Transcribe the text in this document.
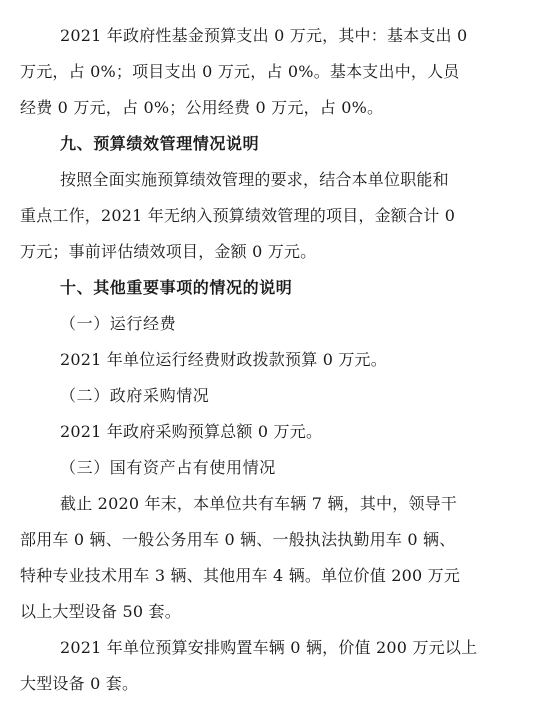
2021 年政府性基金预算支出 0 万元，其中：基本支出 0
万元，占 0%；项目支出 0 万元，占 0%。基本支出中，人员
经费 0 万元，占 0%；公用经费 0 万元，占 0%。
九、预算绩效管理情况说明
按照全面实施预算绩效管理的要求，结合本单位职能和
重点工作，2021 年无纳入预算绩效管理的项目，金额合计 0
万元；事前评估绩效项目，金额 0 万元。
十、其他重要事项的情况的说明
（一）运行经费
2021 年单位运行经费财政拨款预算 0 万元。
（二）政府采购情况
2021 年政府采购预算总额 0 万元。
（三）国有资产占有使用情况
截止 2020 年末，本单位共有车辆 7 辆，其中，领导干
部用车 0 辆、一般公务用车 0 辆、一般执法执勤用车 0 辆、
特种专业技术用车 3 辆、其他用车 4 辆。单位价值 200 万元
以上大型设备 50 套。
2021 年单位预算安排购置车辆 0 辆，价值 200 万元以上
大型设备 0 套。
